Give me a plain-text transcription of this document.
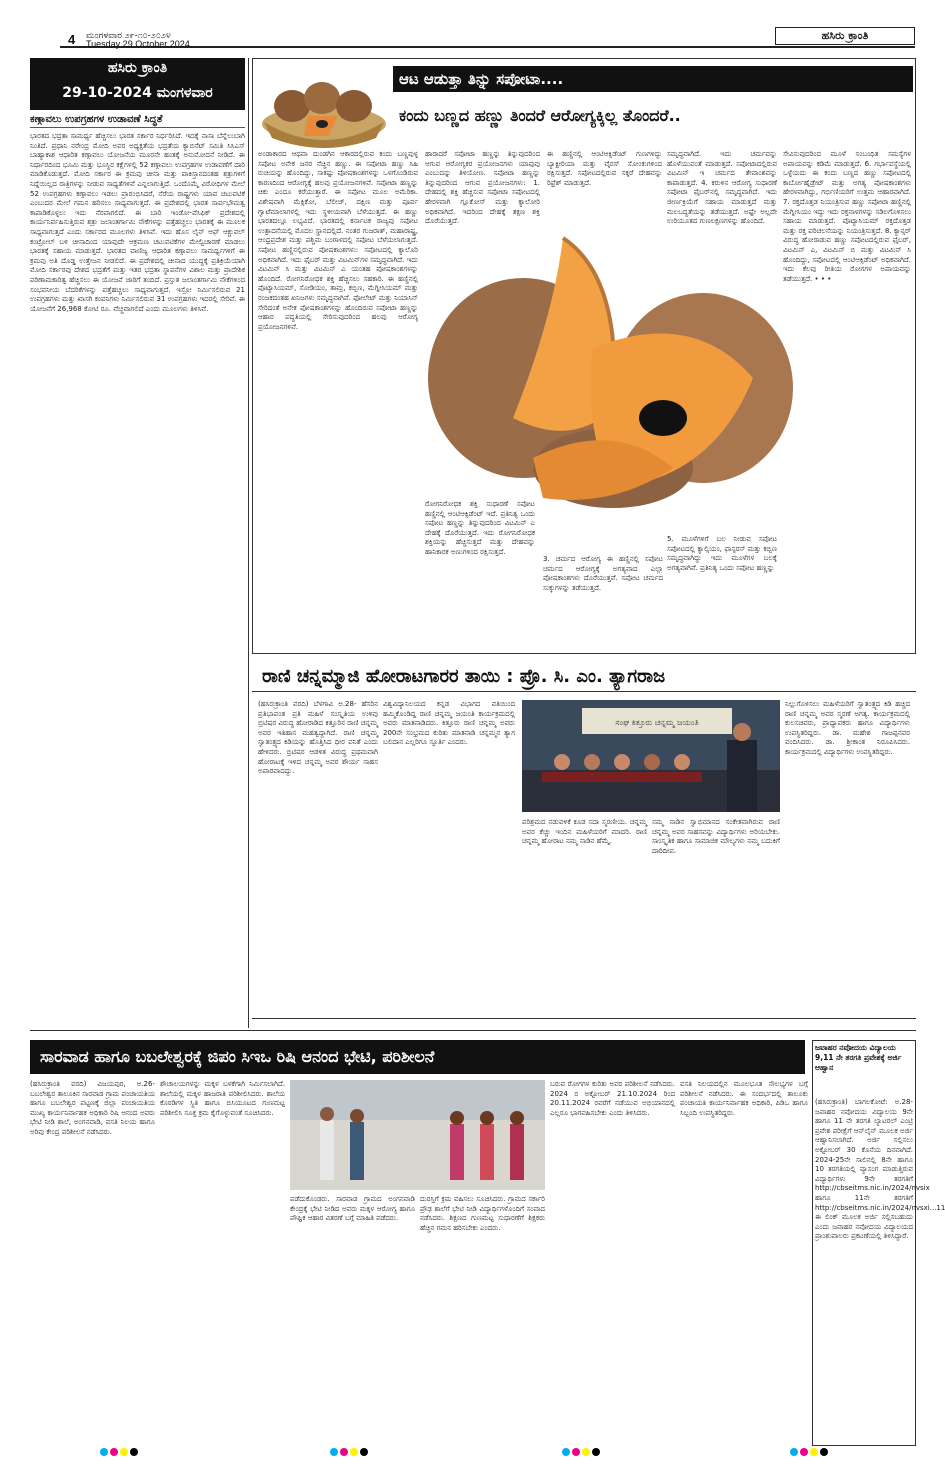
4 ಮಂಗಳವಾರ ೨೯-೧೦-೨೦೨೪
Tuesday 29 October 2024
ಹಸಿರು ಕ್ರಾಂತಿ
ಹಸಿರು ಕ್ರಾಂತಿ
29-10-2024 ಮಂಗಳವಾರ
ಕಣ್ಗಾವಲು ಉಪಗ್ರಹಗಳ ಉಡಾವಣೆ ಸಿದ್ಧತೆ
ಭಾರತದ ಭದ್ರತಾ ಸಾಮರ್ಥ್ಯ ಹೆಚ್ಚಿಸಲು ಭಾರತ ಸರ್ಕಾರ ನಿರ್ಧರಿಸಿದೆ. ಇದಕ್ಕೆ ನಾಸಾ ಬೆನ್ನೆಲುಬಾಗಿ ನಿಂತಿದೆ. ಪ್ರಧಾನಿ ನರೇಂದ್ರ ಮೋದಿ ಅವರ ಅಧ್ಯಕ್ಷತೆಯ ಭದ್ರತೆಯ ಕ್ಯಾಬಿನೆಟ್ ಸಮಿತಿ ಸಿಸಿಎಸ್ ಬಾಹ್ಯಾಕಾಶ ಆಧಾರಿತ ಕಣ್ಗಾವಲು ಯೋಜನೆಯ ಮೂರನೇ ಹಂತಕ್ಕೆ ಅನುಮೋದನೆ ನೀಡಿದೆ. ಈ ನಿರ್ಧಾರದಿಂದ ಭೂಮಿ ಮತ್ತು ಭೂಸ್ಥಿರ ಕಕ್ಷೆಗಳಲ್ಲಿ 52 ಕಣ್ಗಾವಲು ಉಪಗ್ರಹಗಳ ಉಡಾವಣೆಗೆ ದಾರಿ ಮಾಡಿಕೊಡುತ್ತದೆ. ಮೋದಿ ಸರ್ಕಾರ ಈ ಕ್ರಮವು ಚೀನಾ ಮತ್ತು ಪಾಕಿಸ್ತಾನದಂತಹ ಶತ್ರುಗಳಿಗೆ ನಿದ್ದೆಯಿಲ್ಲದ ರಾತ್ರಿಗಳನ್ನು ನೀಡುವ ಸಾಧ್ಯತೆಗಳಿವೆ ಎನ್ನಲಾಗುತ್ತಿದೆ. ಒಂದೊಮ್ಮೆ ವಿರೋಧಿಗಳ ಮೇಲೆ 52 ಉಪಗ್ರಹಗಳು ಕಣ್ಗಾವಲು ಇಡಲು ಪ್ರಾರಂಭಿಸಿದರೆ, ನೆರೆಯ ರಾಷ್ಟ್ರಗಳು ಯಾವ ಚಟುವಟಿಕೆ ಎಂಬುದರ ಮೇಲೆ ಗಮನ ಹರಿಸಲು ಸಾಧ್ಯವಾಗುತ್ತದೆ. ಈ ಪ್ರದೇಶದಲ್ಲಿ ಭಾರತ ಸಾರ್ವಭೌಮತ್ವ ಕಾಪಾಡಿಕೊಳ್ಳಲು ಇದು ನೆರವಾಗಲಿದೆ. ಈ ಬಾರಿ ಇಂಡೋ-ಪೆಸಿಫಿಕ್ ಪ್ರದೇಶದಲ್ಲಿ ಕಾರ್ಯನಿರ್ವಹಿಸುತ್ತಿರುವ ಶತ್ರು ಜಲಾಂತರ್ಗಾಮಿ ನೌಕೆಗಳನ್ನು ಪತ್ತೆಹಚ್ಚಲು ಭಾರತಕ್ಕೆ ಈ ಮೂಲಕ ಸಾಧ್ಯವಾಗುತ್ತದೆ ಎಂದು ಸರ್ಕಾರದ ಮೂಲಗಳು ತಿಳಿಸಿವೆ. ಇದು ಹೊಸ ಲೈನ್ ಆಫ್ ಆಕ್ಚುವಲ್ ಕಂಟ್ರೋಲ್ ಬಳಿ ಚೀನಾದಿಂದ ಯಾವುದೇ ಆಕ್ರಮಣ ಚಟುವಟಿಕೆಗಳ ಮೇಲ್ವಿಚಾರಣೆ ಮಾಡಲು ಭಾರತಕ್ಕೆ ಸಹಾಯ ಮಾಡುತ್ತದೆ. ಭಾರತದ ವಾಣಿಜ್ಯ ಆಧಾರಿತ ಕಣ್ಗಾವಲು ಸಾಮರ್ಥ್ಯಗಳಿಗೆ ಈ ಕ್ರಮವು ಅತಿ ದೊಡ್ಡ ಉತ್ತೇಜನ ನೀಡಲಿದೆ. ಈ ಪ್ರದೇಶದಲ್ಲಿ ಚೀನಾದ ಯುದ್ಧಕ್ಕೆ ಪ್ರತಿಕ್ರಿಯೆಯಾಗಿ ಮೋದಿ ಸರ್ಕಾರವು ದೇಶದ ಭದ್ರತೆಗೆ ಮತ್ತು ಇತರ ಭದ್ರತಾ ಸ್ಥಾಪನೆಗಳ ವಿಶಾಲ ಮತ್ತು ಪ್ರಾದೇಶಿಕ ಪರಿಣಾಮಕಾರಿತ್ವ ಹೆಚ್ಚಿಸಲು ಈ ಯೋಜನೆ ಜಾರಿಗೆ ತಂದಿದೆ. ಪ್ರಸ್ತುತ ಜಲಾಂತರ್ಗಾಮಿ ನೌಕೆಗಳಿಂದ ಸಂಭವನೀಯ ಬೆದರಿಕೆಗಳನ್ನು ಪತ್ತೆಹಚ್ಚಲು ಸಾಧ್ಯವಾಗುತ್ತದೆ. ಇಸ್ರೋ ನಿರ್ಮಿಸಲಿರುವ 21 ಉಪಗ್ರಹಗಳು ಮತ್ತು ಖಾಸಗಿ ಕಂಪನಿಗಳು ನಿರ್ಮಿಸಲಿರುವ 31 ಉಪಗ್ರಹಗಳು ಇದರಲ್ಲಿ ಸೇರಿವೆ. ಈ ಯೋಜನೆಗೆ 26,968 ಕೋಟಿ ರೂ. ವೆಚ್ಚವಾಗಲಿದೆ ಎಂದು ಮೂಲಗಳು ತಿಳಿಸಿವೆ.
ಆಟ ಆಡುತ್ತಾ ತಿನ್ನು ಸಪೋಟಾ....
ಕಂದು ಬಣ್ಣದ ಹಣ್ಣು ತಿಂದರೆ ಆರೋಗ್ಯಕ್ಕಿಲ್ಲ ತೊಂದರೆ..
ಅಂಡಾಕಾರದ ಆಥವಾ ದುಂಡಗಿನ ಆಕಾರದಲ್ಲಿರುವ ಕಂದು ಬಣ್ಣವುಳ್ಳ ಸಪೋಟ ಅನೇಕ ಜನರ ನೆಚ್ಚಿನ ಹಣ್ಣು. ಈ ಸಪೋಟಾ ಹಣ್ಣು ಸಿಹಿ ರುಚಿಯನ್ನು ಹೊಂದಿದ್ದು, ಸಾಕಷ್ಟು ಪೋಷಕಾಂಶಗಳನ್ನು ಒಳಗೊಂಡಿರುವ ಕಾರಣದಿಂದ ಆರೋಗ್ಯಕ್ಕೆ ಹಲವು ಪ್ರಯೋಜನಗಳಿವೆ. ಸಪೋಟಾ ಹಣ್ಣನ್ನು ಚಿಕು ಎಂದೂ ಕರೆಯುತ್ತಾರೆ. ಈ ಸಪೋಟ ಮೂಲ ಅಮೆರಿಕಾ. ವಿಶೇಷವಾಗಿ ಮೆಕ್ಸಿಕೋ, ಬೆಲೀಜ್, ದಕ್ಷಿಣ ಮತ್ತು ಪೂರ್ವ ಗ್ವಾಟೆಮಾಲಾಗಳಲ್ಲಿ ಇದು ಸ್ಥಳೀಯವಾಗಿ ಬೆಳೆಯುತ್ತದೆ. ಈ ಹಣ್ಣು ಭಾರತದಲ್ಲೂ ಲಭ್ಯವಿದೆ. ಭಾರತದಲ್ಲಿ ಕರ್ನಾಟಕ ರಾಜ್ಯವು ಸಪೋಟ ಉತ್ಪಾದನೆಯಲ್ಲಿ ಮೊದಲ ಸ್ಥಾನದಲ್ಲಿದೆ. ನಂತರ ಗುಜರಾತ್, ಮಹಾರಾಷ್ಟ್ರ, ಆಂಧ್ರಪ್ರದೇಶ ಮತ್ತು ಪಶ್ಚಿಮ ಬಂಗಾಳದಲ್ಲಿ ಸಪೋಟ ಬೆಳೆಯಲಾಗುತ್ತದೆ. ಸಪೋಟ ಹಣ್ಣಿನಲ್ಲಿರುವ ಪೋಷಕಾಂಶಗಳು: ಸಪೋಟದಲ್ಲಿ ಕ್ಯಾಲೊರಿ ಅಧಿಕವಾಗಿದೆ. ಇದು ಫೈಬರ್ ಮತ್ತು ವಿಟಮಿನ್‌ಗಳ ಸಮೃದ್ಧವಾಗಿದೆ. ಇದು ವಿಟಮಿನ್ ಸಿ ಮತ್ತು ವಿಟಮಿನ್ ಎ ಯಂತಹ ಪೋಷಕಾಂಶಗಳನ್ನು ಹೊಂದಿದೆ. ರೋಗನಿರೋಧಕ ಶಕ್ತಿ ಹೆಚ್ಚಿಸಲು ಸಹಕಾರಿ. ಈ ಹಣ್ಣಿನಲ್ಲಿ ಪೊಟ್ಯಾಸಿಯಮ್, ಸೋಡಿಯಂ, ತಾಮ್ರ, ಕಬ್ಬಿಣ, ಮೆಗ್ನೀಸಿಯಮ್ ಮತ್ತು ರಂಜಕದಂತಹ ಖನಿಜಗಳು ಸಮೃದ್ಧವಾಗಿವೆ. ಫೋಲೇಟ್ ಮತ್ತು ನಿಯಾಸಿನ್ ಸೇರಿದಂತೆ ಅನೇಕ ಪೋಷಕಾಂಶಗಳನ್ನು ಹೊಂದಿರುವ ಸಪೋಟಾ ಹಣ್ಣನ್ನು ಆಹಾರ ಪದ್ಧತಿಯಲ್ಲಿ ಸೇರಿಸುವುದರಿಂದ ಹಲವು ಆರೋಗ್ಯ ಪ್ರಯೋಜನಗಳಿವೆ.
ಹಾರಾದರೆ ಸಪೋಟಾ ಹಣ್ಣನ್ನು ತಿನ್ನುವುದರಿಂದ ಆಗುವ ಆರೋಗ್ಯಕರ ಪ್ರಯೋಜನಗಳು ಯಾವುವು ಎಂಬುದನ್ನು ತಿಳಿಯೋಣ. ಸಪೋಟಾ ಹಣ್ಣನ್ನು ತಿನ್ನುವುದರಿಂದ ಆಗುವ ಪ್ರಯೋಜನಗಳು: 1. ದೇಹದಲ್ಲಿ ಶಕ್ತಿ ಹೆಚ್ಚಿಸುವ ಸಪೋಟಾ ಸಪೋಟದಲ್ಲಿ ಹೇರಳವಾಗಿ ಗ್ಲೂಕೋಸ್ ಮತ್ತು ಕ್ಯಾಲೋರಿ ಅಧಿಕವಾಗಿದೆ. ಇದರಿಂದ ದೇಹಕ್ಕೆ ತಕ್ಷಣ ಶಕ್ತಿ ದೊರೆಯುತ್ತದೆ.
ಈ ಹಣ್ಣಿನಲ್ಲಿ ಆಂಟಿಆಕ್ಸಿಡೆಂಟ್ ಗುಣಗಳಿದ್ದು ಬ್ಯಾಕ್ಟೀರಿಯಾ ಮತ್ತು ವೈರಸ್ ಸೋಂಕುಗಳಿಂದ ರಕ್ಷಿಸುತ್ತದೆ. ಸಪೋಟದಲ್ಲಿರುವ ಸಕ್ಕರೆ ದೇಹವನ್ನು ರಿಫ್ರೆಶ್ ಮಾಡುತ್ತದೆ.
ಸಮೃದ್ಧವಾಗಿದೆ. ಇದು ಚರ್ಮವನ್ನು ಹೊಳೆಯುವಂತೆ ಮಾಡುತ್ತದೆ. ಸಪೋಟಾದಲ್ಲಿರುವ ವಿಟಮಿನ್ ಇ ಚರ್ಮದ ತೇವಾಂಶವನ್ನು ಕಾಪಾಡುತ್ತದೆ. 4. ಕರುಳಿನ ಆರೋಗ್ಯ ಸುಧಾರಣೆ ಸಪೋಟಾ ಫೈಬರ್‌ನಲ್ಲಿ ಸಮೃದ್ಧವಾಗಿದೆ. ಇದು ಜೀರ್ಣಕ್ರಿಯೆಗೆ ಸಹಾಯ ಮಾಡುತ್ತದೆ ಮತ್ತು ಮಲಬದ್ಧತೆಯನ್ನು ತಡೆಯುತ್ತದೆ. ಅಷ್ಟೇ ಅಲ್ಲದೇ ಉರಿಯೂತದ ಗುಣಲಕ್ಷಣಗಳನ್ನು ಹೊಂದಿದೆ.
ಸೇವಿಸುವುದರಿಂದ ಮೂಳೆ ಸಂಬಂಧಿತ ಸಮಸ್ಯೆಗಳ ಅಪಾಯವನ್ನು ಕಡಿಮೆ ಮಾಡುತ್ತದೆ. 6. ಗರ್ಭಾವಸ್ಥೆಯಲ್ಲಿ ಒಳ್ಳೆಯದು ಈ ಕಂದು ಬಣ್ಣದ ಹಣ್ಣು ಸಪೋಟದಲ್ಲಿ ಕಾರ್ಬೋಹೈಡ್ರೇಟ್ ಮತ್ತು ಅಗತ್ಯ ಪೋಷಕಾಂಶಗಳು ಹೇರಳವಾಗಿದ್ದು, ಗರ್ಭಿಣಿಯರಿಗೆ ಉತ್ತಮ ಆಹಾರವಾಗಿದೆ. 7. ರಕ್ತದೊತ್ತಡ ನಿಯಂತ್ರಿಸುವ ಹಣ್ಣು ಸಪೋಟಾ ಹಣ್ಣಿನಲ್ಲಿ ಮೆಗ್ನೀಸಿಯಂ ಇದ್ದು ಇದು ರಕ್ತನಾಳಗಳನ್ನು ಸಡಿಲಗೊಳಿಸಲು ಸಹಾಯ ಮಾಡುತ್ತದೆ. ಪೊಟ್ಯಾಸಿಯಮ್ ರಕ್ತದೊತ್ತಡ ಮತ್ತು ರಕ್ತ ಪರಿಚಲನೆಯನ್ನು ನಿಯಂತ್ರಿಸುತ್ತದೆ. 8. ಕ್ಯಾನ್ಸರ್ ವಿರುದ್ಧ ಹೋರಾಡುವ ಹಣ್ಣು ಸಪೋಟದಲ್ಲಿರುವ ಫೈಬರ್, ವಿಟಮಿನ್ ಎ, ವಿಟಮಿನ್ ಬಿ ಮತ್ತು ವಿಟಮಿನ್ ಸಿ ಹೊಂದಿದ್ದು, ಸಪೋಟದಲ್ಲಿ ಆಂಟಿಆಕ್ಸಿಡೆಂಟ್ ಅಧಿಕವಾಗಿದೆ. ಇದು ಕೆಲವು ರೀತಿಯ ರೋಗಗಳ ಅಪಾಯವನ್ನು ತಡೆಯುತ್ತದೆ. • • •
ರೋಗನಿರೋಧಕ ಶಕ್ತಿ ಸುಧಾರಣೆ ಸಪೋಟ ಹಣ್ಣಿನಲ್ಲಿ ಆಂಟಿಆಕ್ಸಿಡೆಂಟ್ ಇದೆ. ಪ್ರತಿನಿತ್ಯ ಒಂದು ಸಪೋಟ ಹಣ್ಣನ್ನು ತಿನ್ನುವುದರಿಂದ ವಿಟಮಿನ್ ಎ ದೇಹಕ್ಕೆ ದೊರೆಯುತ್ತದೆ. ಇದು ರೋಗನಿರೋಧಕ ಶಕ್ತಿಯನ್ನು ಹೆಚ್ಚಿಸುತ್ತದೆ ಮತ್ತು ದೇಹವನ್ನು ಹಾನಿಕಾರಕ ಅಣುಗಳಿಂದ ರಕ್ಷಿಸುತ್ತದೆ.
3. ಚರ್ಮದ ಆರೋಗ್ಯ ಈ ಹಣ್ಣಿನಲ್ಲಿ ಸಪೋಟ ಚರ್ಮದ ಆರೋಗ್ಯಕ್ಕೆ ಅಗತ್ಯವಾದ ಎಲ್ಲಾ ಪೋಷಕಾಂಶಗಳು ದೊರೆಯುತ್ತವೆ. ಸಪೋಟ ಚರ್ಮದ ಸುಕ್ಕುಗಳನ್ನು ತಡೆಯುತ್ತದೆ.
5. ಮೂಳೆಗಳಿಗೆ ಬಲ ನೀಡುವ ಸಪೋಟ ಸಪೋಟದಲ್ಲಿ ಕ್ಯಾಲ್ಸಿಯಂ, ಫಾಸ್ಫರಸ್ ಮತ್ತು ಕಬ್ಬಿಣ ಸಮೃದ್ಧವಾಗಿದ್ದು ಇದು ಮೂಳೆಗಳ ಬಲಕ್ಕೆ ಅಗತ್ಯವಾಗಿವೆ. ಪ್ರತಿನಿತ್ಯ ಒಂದು ಸಪೋಟ ಹಣ್ಣನ್ನು
ರಾಣಿ ಚನ್ನಮ್ಮಾಜಿ ಹೋರಾಟಗಾರರ ತಾಯಿ : ಪ್ರೊ. ಸಿ. ಎಂ. ತ್ಯಾಗರಾಜ
(ಹಸಿರುಕ್ರಾಂತಿ ವರದಿ) ಬೆಳಗಾವಿ ಅ.28- ಹೆಸರಿನ ಪ್ರತಿಭಾವಂತ ಪ್ರತಿ ಮಹಿಳೆ ಸಂಸ್ಕೃತಿಯ ಉಳಿವು ಬ್ರಿಟಿಷರ ವಿರುದ್ಧ ಹೋರಾಡಿದ ಕಿತ್ತೂರಿನ ರಾಣಿ ಚನ್ನಮ್ಮ ಅವರ ಇತಿಹಾಸ ಮಹತ್ವದ್ದಾಗಿದೆ. ರಾಣಿ ಚನ್ನಮ್ಮ ಸ್ವಾತಂತ್ರ್ಯದ ಕಿಡಿಯನ್ನು ಹೊತ್ತಿಸಿದ ಧೀರ ವನಿತೆ ಎಂದು ಹೇಳಿದರು. ಬ್ರಿಟಿಷರ ಆಡಳಿತ ವಿರುದ್ಧ ಪ್ರಥಮವಾಗಿ ಹೋರಾಟಕ್ಕೆ ಇಳಿದ ಚನ್ನಮ್ಮ ಅವರ ಶೌರ್ಯ ಸಾಹಸ ಅಪಾರವಾದದ್ದು.
ವಿಶ್ವವಿದ್ಯಾನಿಲಯದ ಕನ್ನಡ ವಿಭಾಗದ ವತಿಯಿಂದ ಹಮ್ಮಿಕೊಂಡಿದ್ದ ರಾಣಿ ಚನ್ನಮ್ಮ ಜಯಂತಿ ಕಾರ್ಯಕ್ರಮದಲ್ಲಿ ಅವರು ಮಾತನಾಡಿದರು. ಕಿತ್ತೂರು ರಾಣಿ ಚನ್ನಮ್ಮ ಅವರು 200ನೇ ಸಂಭ್ರಮದ ಕುರಿತು ಮಾತನಾಡಿ ಚನ್ನಮ್ಮನ ತ್ಯಾಗ ಬಲಿದಾನ ಎಲ್ಲರಿಗೂ ಸ್ಫೂರ್ತಿ ಎಂದರು.
ಸಂಘ ಕಿತ್ತೂರು ಚನ್ನಮ್ಮ ಜಯಂತಿ
ನಿಲ್ಲುಗೊಳಿಸಲು ಮಹಿಳೆಯರಿಗೆ ಸ್ವಾತಂತ್ರ್ಯದ ಕಿಡಿ ಹಚ್ಚಿದ ರಾಣಿ ಚನ್ನಮ್ಮ ಅವರ ಸ್ಮರಣೆ ಅಗತ್ಯ. ಕಾರ್ಯಕ್ರಮದಲ್ಲಿ ಕುಲಸಚಿವರು, ಪ್ರಾಧ್ಯಾಪಕರು ಹಾಗೂ ವಿದ್ಯಾರ್ಥಿಗಳು ಉಪಸ್ಥಿತರಿದ್ದರು. ಡಾ. ಮಹೇಶ ಗಾಜಪ್ಪನವರ ವಂದಿಸಿದರು. ಡಾ. ಶ್ರೀಕಾಂತ ನಿರೂಪಿಸಿದರು. ಕಾರ್ಯಕ್ರಮದಲ್ಲಿ ವಿದ್ಯಾರ್ಥಿಗಳು ಉಪಸ್ಥಿತರಿದ್ದರು.
ಪರಿಶ್ರಮದ ನಡುವಳಿಕೆ ಕೂಡ ಸದಾ ಸ್ಮರಣೀಯ. ಚನ್ನಮ್ಮ ಅವರ ಕೆಚ್ಚು ಇಂದಿನ ಮಹಿಳೆಯರಿಗೆ ಮಾದರಿ. ರಾಣಿ ಚನ್ನಮ್ಮ ಹೋರಾಟ ನಮ್ಮ ನಾಡಿನ ಹೆಮ್ಮೆ.
ನಮ್ಮ ನಾಡಿನ ಸ್ವಾಭಿಮಾನದ ಸಂಕೇತವಾಗಿರುವ ರಾಣಿ ಚನ್ನಮ್ಮ ಅವರ ಸಾಹಸವನ್ನು ವಿದ್ಯಾರ್ಥಿಗಳು ಅರಿಯಬೇಕು. ಸಾಂಸ್ಕೃತಿಕ ಹಾಗೂ ಸಾಮಾಜಿಕ ಮೌಲ್ಯಗಳು ನಮ್ಮ ಬದುಕಿಗೆ ದಾರಿದೀಪ.
ಸಾರವಾಡ ಹಾಗೂ ಬಬಲೇಶ್ವರಕ್ಕೆ ಜಿಪಂ ಸಿಇಒ ರಿಷಿ ಆನಂದ ಭೇಟಿ, ಪರಿಶೀಲನೆ
(ಹಸಿರುಕ್ರಾಂತಿ ವರದಿ) ವಿಜಯಪುರ, ಅ.26- ಬಬಲೇಶ್ವರ ತಾಲೂಕಿನ ಸಾರವಾಡ ಗ್ರಾಮ ಪಂಚಾಯತಿಯ ಹಾಗೂ ಬಬಲೇಶ್ವರ ಪಟ್ಟಣಕ್ಕೆ ಜಿಲ್ಲಾ ಪಂಚಾಯತಿಯ ಮುಖ್ಯ ಕಾರ್ಯನಿರ್ವಾಹಕ ಅಧಿಕಾರಿ ರಿಷಿ ಆನಂದ ಅವರು ಭೇಟಿ ನೀಡಿ ಶಾಲೆ, ಅಂಗನವಾಡಿ, ವಸತಿ ನಿಲಯ ಹಾಗೂ ಅರಿವು ಕೇಂದ್ರ ಪರಿಶೀಲನೆ ನಡೆಸಿದರು.
ಶೌಚಾಲಯಗಳನ್ನು ಮಕ್ಕಳ ಬಳಕೆಗಾಗಿ ನಿರ್ಮಿಸಲಾಗಿದೆ. ಶಾಲೆಯಲ್ಲಿ ಮಕ್ಕಳ ಹಾಜರಾತಿ ಪರಿಶೀಲಿಸಿದರು. ಶಾಲೆಯ ಕೊಠಡಿಗಳ ಸ್ಥಿತಿ ಹಾಗೂ ಬಿಸಿಯೂಟದ ಗುಣಮಟ್ಟ ಪರಿಶೀಲಿಸಿ ಸೂಕ್ತ ಕ್ರಮ ಕೈಗೊಳ್ಳುವಂತೆ ಸೂಚಿಸಿದರು.
ಪಡೆದುಕೊಂಡರು. ಸಾರವಾಡ ಗ್ರಾಮದ ಅಂಗನವಾಡಿ ಕೇಂದ್ರಕ್ಕೆ ಭೇಟಿ ನೀಡಿದ ಅವರು ಮಕ್ಕಳ ಆರೋಗ್ಯ ಹಾಗೂ ಪೌಷ್ಟಿಕ ಆಹಾರ ವಿತರಣೆ ಬಗ್ಗೆ ಮಾಹಿತಿ ಪಡೆದರು.
ದುರಸ್ತಿಗೆ ಕ್ರಮ ವಹಿಸಲು ಸೂಚಿಸಿದರು. ಗ್ರಾಮದ ಸರ್ಕಾರಿ ಪ್ರೌಢ ಶಾಲೆಗೆ ಭೇಟಿ ನೀಡಿ ವಿದ್ಯಾರ್ಥಿಗಳೊಂದಿಗೆ ಸಂವಾದ ನಡೆಸಿದರು. ಶಿಕ್ಷಣದ ಗುಣಮಟ್ಟ ಸುಧಾರಣೆಗೆ ಶಿಕ್ಷಕರು ಹೆಚ್ಚಿನ ಗಮನ ಹರಿಸಬೇಕು ಎಂದರು.
ಬರುವ ರೋಗಗಳ ಕುರಿತು ಅವರ ಪರಿಶೀಲನೆ ನಡೆಸಿದರು. 2024 ರ ಅಕ್ಟೋಬರ್ 21.10.2024 ರಿಂದ 20.11.2024 ರವರೆಗೆ ನಡೆಯುವ ಅಭಿಯಾನದಲ್ಲಿ ಎಲ್ಲರೂ ಭಾಗವಹಿಸಬೇಕು ಎಂದು ತಿಳಿಸಿದರು.
ವಸತಿ ನಿಲಯದಲ್ಲಿನ ಮೂಲಭೂತ ಸೌಲಭ್ಯಗಳ ಬಗ್ಗೆ ಪರಿಶೀಲನೆ ನಡೆಸಿದರು. ಈ ಸಂದರ್ಭದಲ್ಲಿ ತಾಲೂಕು ಪಂಚಾಯತಿ ಕಾರ್ಯನಿರ್ವಾಹಕ ಅಧಿಕಾರಿ, ಪಿಡಿಒ ಹಾಗೂ ಸಿಬ್ಬಂದಿ ಉಪಸ್ಥಿತರಿದ್ದರು.
ಜವಾಹರ ನವೋದಯ ವಿದ್ಯಾಲಯ 9,11 ನೇ ತರಗತಿ ಪ್ರವೇಶಕ್ಕೆ ಅರ್ಜಿ ಆಹ್ವಾನ
(ಹಸಿರುಕ್ರಾಂತಿ) ಬಾಗಲಕೋಟೆ: ಅ.28- ಜವಾಹರ ನವೋದಯ ವಿದ್ಯಾಲಯ 9ನೇ ಹಾಗೂ 11 ನೇ ತರಗತಿ ಲ್ಯಾಟರಲ್ ಎಂಟ್ರಿ ಪ್ರವೇಶ ಪರೀಕ್ಷೆಗೆ ಆನ್‌ಲೈನ್ ಮೂಲಕ ಅರ್ಜಿ ಆಹ್ವಾನಿಸಲಾಗಿದೆ. ಅರ್ಜಿ ಸಲ್ಲಿಸಲು ಅಕ್ಟೋಬರ್ 30 ಕೊನೆಯ ದಿನವಾಗಿದೆ. 2024-25ನೇ ಸಾಲಿನಲ್ಲಿ 8ನೇ ಹಾಗೂ 10 ತರಗತಿಯಲ್ಲಿ ವ್ಯಾಸಂಗ ಮಾಡುತ್ತಿರುವ ವಿದ್ಯಾರ್ಥಿಗಳು 9ನೇ ತರಗತಿಗೆ http://cbseitms.nic.in/2024/nvsix ಹಾಗೂ 11ನೇ ತರಗತಿಗೆ http://cbseitms.nic.in/2024/nvsxi...11 ಈ ಲಿಂಕ್ ಮೂಲಕ ಅರ್ಜಿ ಸಲ್ಲಿಸಬಹುದು ಎಂದು ಜವಾಹರ ನವೋದಯ ವಿದ್ಯಾಲಯದ ಪ್ರಾಂಶುಪಾಲರು ಪ್ರಕಟಣೆಯಲ್ಲಿ ತಿಳಿಸಿದ್ದಾರೆ.
